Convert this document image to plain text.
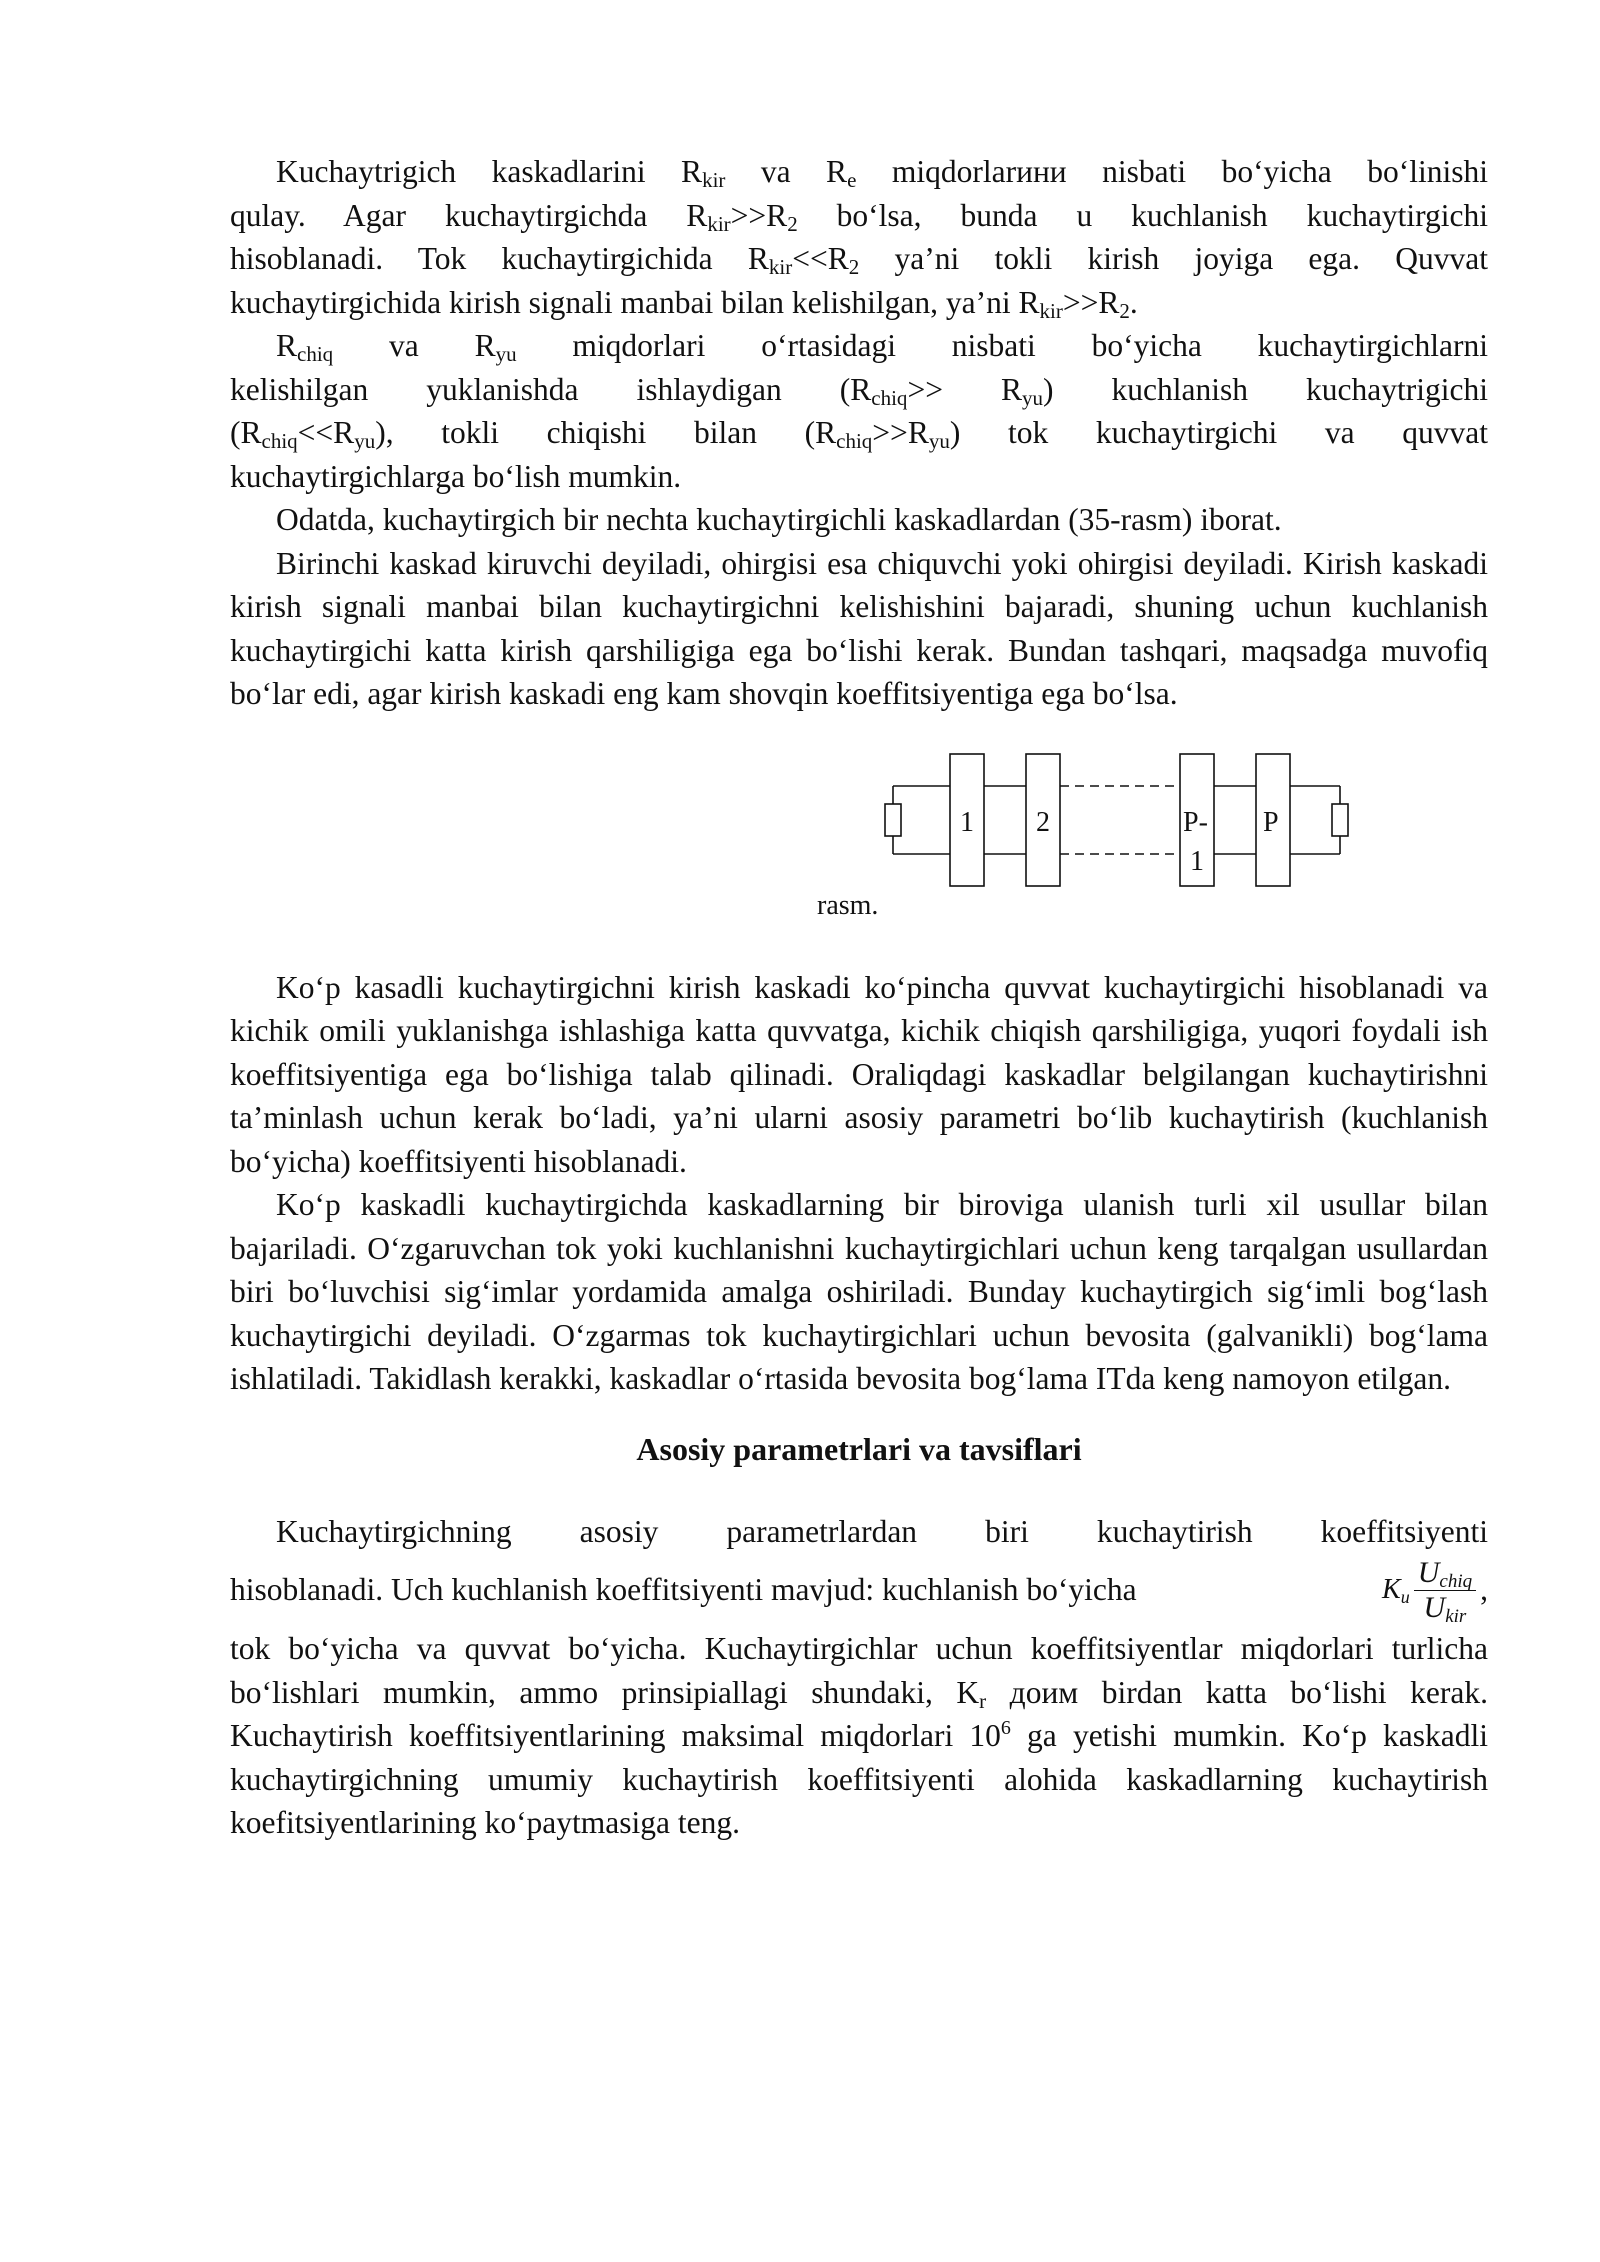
Kuchaytrigich kaskadlarini $R_{kir}$ va $R_e$ miqdorlarини nisbati bo‘yicha bo‘linishi
qulay. Agar kuchaytirgichda $R_{kir}>>R_2$ bo‘lsa, bunda u kuchlanish kuchaytirgichi
hisoblanadi. Tok kuchaytirgichida $R_{kir}<<R_2$ ya’ni tokli kirish joyiga ega. Quvvat
kuchaytirgichida kirish signali manbai bilan kelishilgan, ya’ni $R_{kir}>>R_2$.
$R_{chiq}$ va $R_{yu}$ miqdorlari o‘rtasidagi nisbati bo‘yicha kuchaytirgichlarni
kelishilgan yuklanishda ishlaydigan $(R_{chiq}>> R_{yu})$ kuchlanish kuchaytrigichi
$(R_{chiq}<<R_{yu})$, tokli chiqishi bilan $(R_{chiq}>>R_{yu})$ tok kuchaytirgichi va quvvat
kuchaytirgichlarga bo‘lish mumkin.

Odatda, kuchaytirgich bir nechta kuchaytirgichli kaskadlardan (35-rasm) iborat.

Birinchi kaskad kiruvchi deyiladi, ohirgisi esa chiquvchi yoki ohirgisi deyiladi. Kirish kaskadi kirish signali manbai bilan kuchaytirgichni kelishishini bajaradi, shuning uchun kuchlanish kuchaytirgichi katta kirish qarshiligiga ega bo‘lishi kerak. Bundan tashqari, maqsadga muvofiq bo‘lar edi, agar kirish kaskadi eng kam shovqin koeffitsiyentiga ega bo‘lsa.

1 2	P-
1
P
rasm.

Ko‘p kasadli kuchaytirgichni kirish kaskadi ko‘pincha quvvat kuchaytirgichi hisoblanadi va kichik omili yuklanishga ishlashiga katta quvvatga, kichik chiqish qarshiligiga, yuqori foydali ish koeffitsiyentiga ega bo‘lishiga talab qilinadi. Oraliqdagi kaskadlar belgilangan kuchaytirishni ta’minlash uchun kerak bo‘ladi, ya’ni ularni asosiy parametri bo‘lib kuchaytirish (kuchlanish bo‘yicha) koeffitsiyenti hisoblanadi.

Ko‘p kaskadli kuchaytirgichda kaskadlarning bir biroviga ulanish turli xil usullar bilan bajariladi. O‘zgaruvchan tok yoki kuchlanishni kuchaytirgichlari uchun keng tarqalgan usullardan biri bo‘luvchisi sig‘imlar yordamida amalga oshiriladi. Bunday kuchaytirgich sig‘imli bog‘lash kuchaytirgichi deyiladi. O‘zgarmas tok kuchaytirgichlari uchun bevosita (galvanikli) bog‘lama ishlatiladi. Takidlash kerakki, kaskadlar o‘rtasida bevosita bog‘lama ITda keng namoyon etilgan.

Asosiy parametrlari va tavsiflari

Kuchaytirgichning asosiy parametrlardan biri kuchaytirish koeffitsiyenti
hisoblanadi. Uch kuchlanish koeffitsiyenti mavjud: kuchlanish bo‘yicha	$K_u \frac{U_{chiq}}{U_{kir}}$ ,

tok bo‘yicha va quvvat bo‘yicha. Kuchaytirgichlar uchun koeffitsiyentlar miqdorlari turlicha bo‘lishlari mumkin, ammo prinsipiallagi shundaki, $K_r$ доим birdan katta bo‘lishi kerak. Kuchaytirish koeffitsiyentlarining maksimal miqdorlari $10^6$ ga yetishi mumkin. Ko‘p kaskadli kuchaytirgichning umumiy kuchaytirish koeffitsiyenti alohida kaskadlarning kuchaytirish koefitsiyentlarining ko‘paytmasiga teng.
